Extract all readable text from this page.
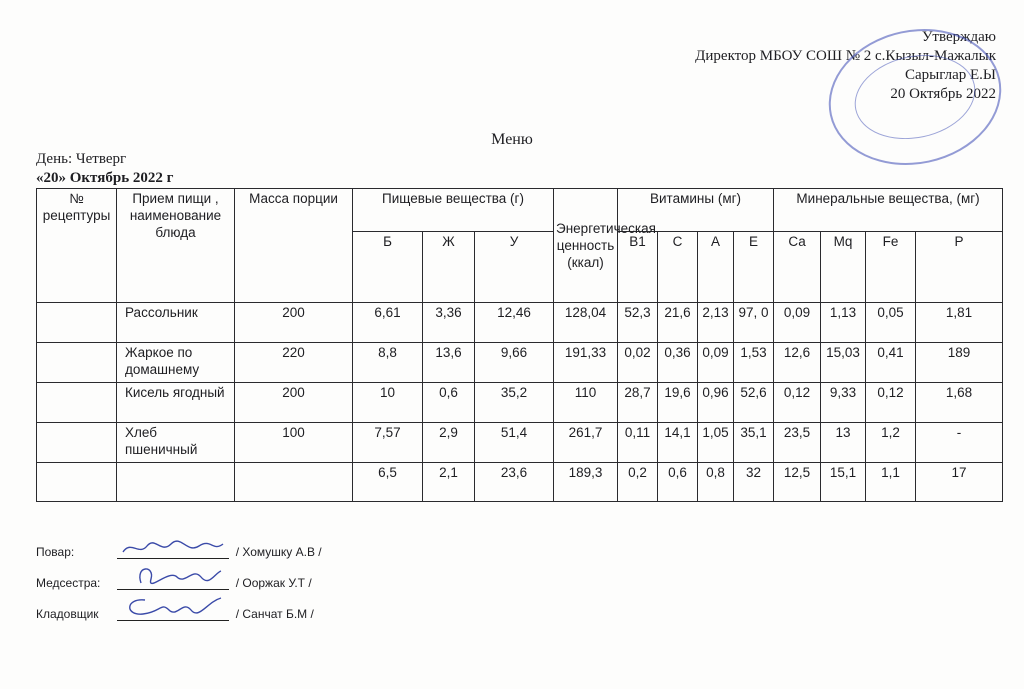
Утверждаю
Директор МБОУ СОШ № 2 с.Кызыл-Мажалык
Сарыглар Е.Ы
20 Октябрь 2022
Меню
День: Четверг
«20» Октябрь 2022 г
№ рецептуры	Прием пищи , наименование блюда	Масса порции	Пищевые вещества (г)			Энергетическая ценность (ккал)	Витамины (мг)				Минеральные вещества, (мг)			
			Б	Ж	У		B1	С	А	Е	Са	Mq	Fe	Р
	Рассольник	200	6,61	3,36	12,46	128,04	52,3	21,6	2,13	97, 0	0,09	1,13	0,05	1,81
	Жаркое по домашнему	220	8,8	13,6	9,66	191,33	0,02	0,36	0,09	1,53	12,6	15,03	0,41	189
	Кисель ягодный	200	10	0,6	35,2	110	28,7	19,6	0,96	52,6	0,12	9,33	0,12	1,68
	Хлеб пшеничный	100	7,57	2,9	51,4	261,7	0,11	14,1	1,05	35,1	23,5	13	1,2	-
			6,5	2,1	23,6	189,3	0,2	0,6	0,8	32	12,5	15,1	1,1	17
Повар:	/ Хомушку А.В /
Медсестра:	/ Ооржак У.Т /
Кладовщик	/ Санчат Б.М /
